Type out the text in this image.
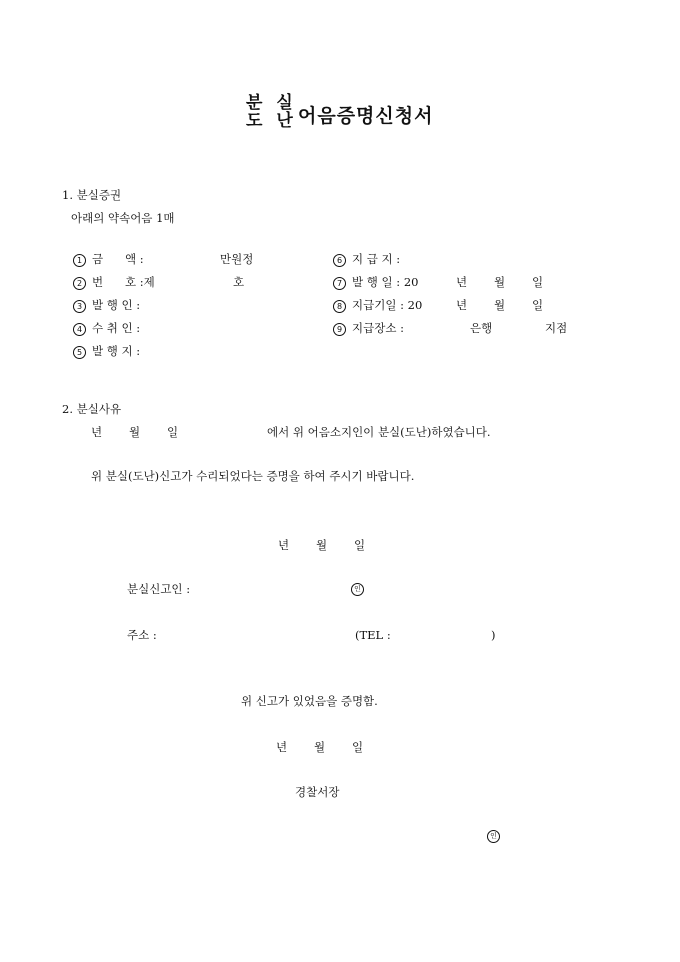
분 실
도 난 어음증명신청서
1. 분실증권
아래의 약속어음 1매
1 금      액 :	만원정
2 번      호 :제	호
3 발 행 인 :
4 수 취 인 :
5 발 행 지 :
6 지 급 지 :
7 발 행 일 : 20	년 월 일
8 지급기일 : 20	년 월 일
9 지급장소 :	은행	지점
2. 분실사유
년 월 일	에서 위 어음소지인이 분실(도난)하였습니다.
위 분실(도난)신고가 수리되었다는 증명을 하여 주시기 바랍니다.
년 월 일
분실신고인 :	인
주소 :	(TEL :	)
위 신고가 있었음을 증명함.
년 월 일
경찰서장
인
